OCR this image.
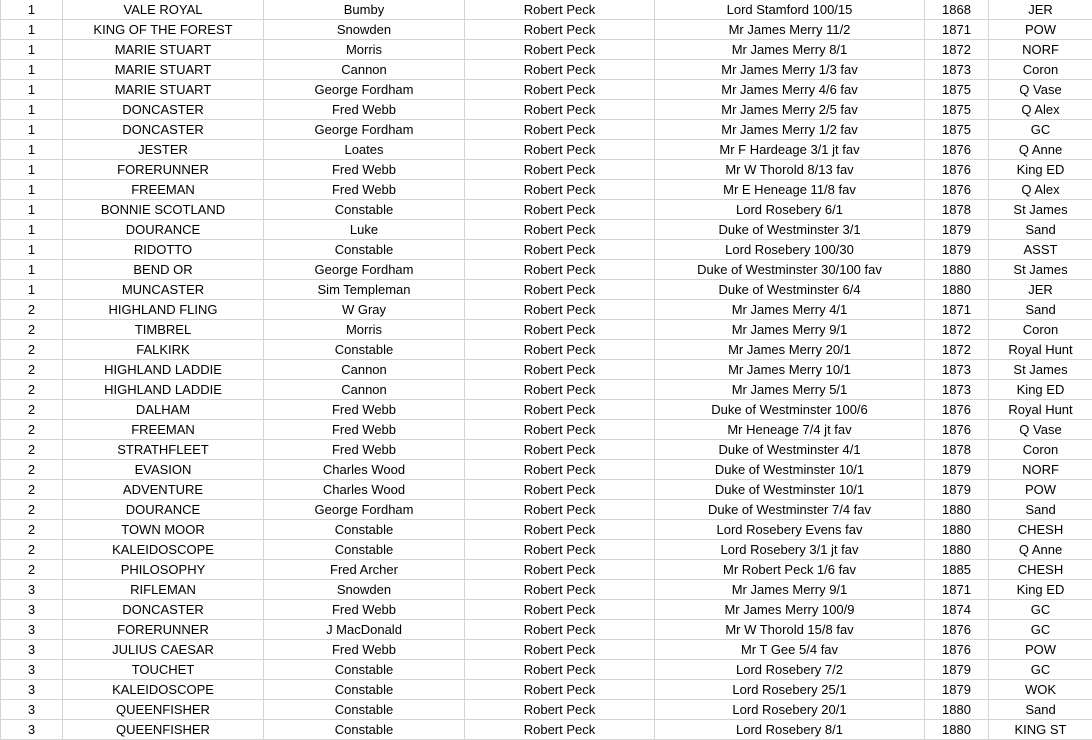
1	VALE ROYAL	Bumby	Robert Peck	Lord Stamford 100/15	1868	JER
1	KING OF THE FOREST	Snowden	Robert Peck	Mr James Merry 11/2	1871	POW
1	MARIE STUART	Morris	Robert Peck	Mr James Merry 8/1	1872	NORF
1	MARIE STUART	Cannon	Robert Peck	Mr James Merry 1/3 fav	1873	Coron
1	MARIE STUART	George Fordham	Robert Peck	Mr James Merry 4/6 fav	1875	Q Vase
1	DONCASTER	Fred Webb	Robert Peck	Mr James Merry 2/5 fav	1875	Q Alex
1	DONCASTER	George Fordham	Robert Peck	Mr James Merry 1/2 fav	1875	GC
1	JESTER	Loates	Robert Peck	Mr F Hardeage 3/1 jt fav	1876	Q Anne
1	FORERUNNER	Fred Webb	Robert Peck	Mr W Thorold 8/13 fav	1876	King ED
1	FREEMAN	Fred Webb	Robert Peck	Mr E Heneage 11/8 fav	1876	Q Alex
1	BONNIE SCOTLAND	Constable	Robert Peck	Lord Rosebery 6/1	1878	St James
1	DOURANCE	Luke	Robert Peck	Duke of Westminster 3/1	1879	Sand
1	RIDOTTO	Constable	Robert Peck	Lord Rosebery 100/30	1879	ASST
1	BEND OR	George Fordham	Robert Peck	Duke of Westminster 30/100 fav	1880	St James
1	MUNCASTER	Sim Templeman	Robert Peck	Duke of Westminster 6/4	1880	JER
2	HIGHLAND FLING	W Gray	Robert Peck	Mr James Merry 4/1	1871	Sand
2	TIMBREL	Morris	Robert Peck	Mr James Merry 9/1	1872	Coron
2	FALKIRK	Constable	Robert Peck	Mr James Merry 20/1	1872	Royal Hunt
2	HIGHLAND LADDIE	Cannon	Robert Peck	Mr James Merry 10/1	1873	St James
2	HIGHLAND LADDIE	Cannon	Robert Peck	Mr James Merry 5/1	1873	King ED
2	DALHAM	Fred Webb	Robert Peck	Duke of Westminster 100/6	1876	Royal Hunt
2	FREEMAN	Fred Webb	Robert Peck	Mr Heneage 7/4 jt fav	1876	Q Vase
2	STRATHFLEET	Fred Webb	Robert Peck	Duke of Westminster 4/1	1878	Coron
2	EVASION	Charles Wood	Robert Peck	Duke of Westminster 10/1	1879	NORF
2	ADVENTURE	Charles Wood	Robert Peck	Duke of Westminster 10/1	1879	POW
2	DOURANCE	George Fordham	Robert Peck	Duke of Westminster 7/4 fav	1880	Sand
2	TOWN MOOR	Constable	Robert Peck	Lord Rosebery Evens fav	1880	CHESH
2	KALEIDOSCOPE	Constable	Robert Peck	Lord Rosebery 3/1 jt fav	1880	Q Anne
2	PHILOSOPHY	Fred Archer	Robert Peck	Mr Robert Peck 1/6 fav	1885	CHESH
3	RIFLEMAN	Snowden	Robert Peck	Mr James Merry 9/1	1871	King ED
3	DONCASTER	Fred Webb	Robert Peck	Mr James Merry 100/9	1874	GC
3	FORERUNNER	J MacDonald	Robert Peck	Mr W Thorold 15/8 fav	1876	GC
3	JULIUS CAESAR	Fred Webb	Robert Peck	Mr T Gee 5/4 fav	1876	POW
3	TOUCHET	Constable	Robert Peck	Lord Rosebery 7/2	1879	GC
3	KALEIDOSCOPE	Constable	Robert Peck	Lord Rosebery 25/1	1879	WOK
3	QUEENFISHER	Constable	Robert Peck	Lord Rosebery 20/1	1880	Sand
3	QUEENFISHER	Constable	Robert Peck	Lord Rosebery 8/1	1880	KING ST
